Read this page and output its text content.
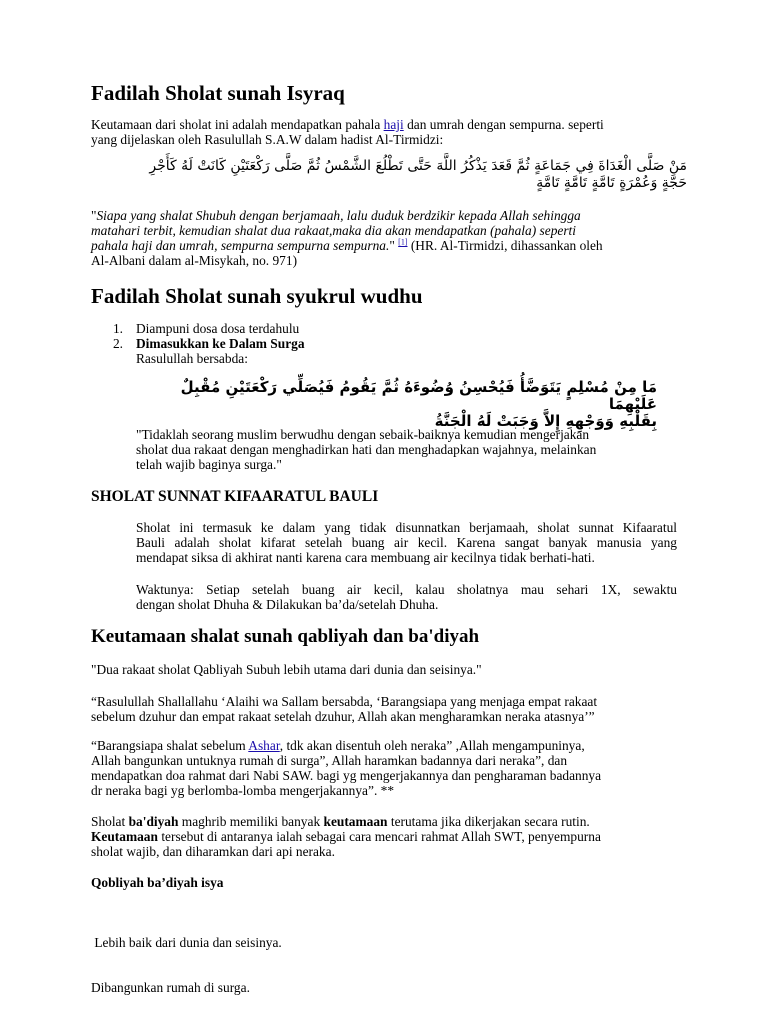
Fadilah Sholat sunah Isyraq
Keutamaan dari sholat ini adalah mendapatkan pahala haji dan umrah dengan sempurna. seperti
yang dijelaskan oleh Rasulullah S.A.W dalam hadist Al-Tirmidzi:
مَنْ صَلَّى الْغَدَاةَ فِي جَمَاعَةٍ ثُمَّ قَعَدَ يَذْكُرُ اللَّهَ حَتَّى تَطْلُعَ الشَّمْسُ ثُمَّ صَلَّى رَكْعَتَيْنِ كَانَتْ لَهُ كَأَجْرِ
حَجَّةٍ وَعُمْرَةٍ تَامَّةٍ تَامَّةٍ تَامَّةٍ
"Siapa yang shalat Shubuh dengan berjamaah, lalu duduk berdzikir kepada Allah sehingga
matahari terbit, kemudian shalat dua rakaat,maka dia akan mendapatkan (pahala) seperti
pahala haji dan umrah, sempurna sempurna sempurna." [1] (HR. Al-Tirmidzi, dihassankan oleh
Al-Albani dalam al-Misykah, no. 971)
Fadilah Sholat sunah syukrul wudhu
1. Diampuni dosa dosa terdahulu
2. Dimasukkan ke Dalam Surga
Rasulullah bersabda:
مَا مِنْ مُسْلِمٍ يَتَوَضَّأُ فَيُحْسِنُ وُضُوءَهُ ثُمَّ يَقُومُ فَيُصَلِّي رَكْعَتَيْنِ مُقْبِلٌ عَلَيْهِمَا
بِقَلْبِهِ وَوَجْهِهِ إِلاَّ وَجَبَتْ لَهُ الْجَنَّةُ
"Tidaklah seorang muslim berwudhu dengan sebaik-baiknya kemudian mengerjakan
sholat dua rakaat dengan menghadirkan hati dan menghadapkan wajahnya, melainkan
telah wajib baginya surga."
SHOLAT SUNNAT KIFAARATUL BAULI
Sholat ini termasuk ke dalam yang tidak disunnatkan berjamaah, sholat sunnat Kifaaratul
Bauli adalah sholat kifarat setelah buang air kecil. Karena sangat banyak manusia yang
mendapat siksa di akhirat nanti karena cara membuang air kecilnya tidak berhati-hati.
Waktunya: Setiap setelah buang air kecil, kalau sholatnya mau sehari 1X, sewaktu
dengan sholat Dhuha & Dilakukan ba’da/setelah Dhuha.
Keutamaan shalat sunah qabliyah dan ba'diyah
"Dua rakaat sholat Qabliyah Subuh lebih utama dari dunia dan seisinya."
“Rasulullah Shallallahu ‘Alaihi wa Sallam bersabda, ‘Barangsiapa yang menjaga empat rakaat
sebelum dzuhur dan empat rakaat setelah dzuhur, Allah akan mengharamkan neraka atasnya’”
“Barangsiapa shalat sebelum Ashar, tdk akan disentuh oleh neraka” ,Allah mengampuninya,
Allah bangunkan untuknya rumah di surga”, Allah haramkan badannya dari neraka”, dan
mendapatkan doa rahmat dari Nabi SAW. bagi yg mengerjakannya dan pengharaman badannya
dr neraka bagi yg berlomba-lomba mengerjakannya”. **
Sholat ba'diyah maghrib memiliki banyak keutamaan terutama jika dikerjakan secara rutin.
Keutamaan tersebut di antaranya ialah sebagai cara mencari rahmat Allah SWT, penyempurna
sholat wajib, dan diharamkan dari api neraka.
Qobliyah ba’diyah isya

Lebih baik dari dunia dan seisinya.

Dibangunkan rumah di surga.
